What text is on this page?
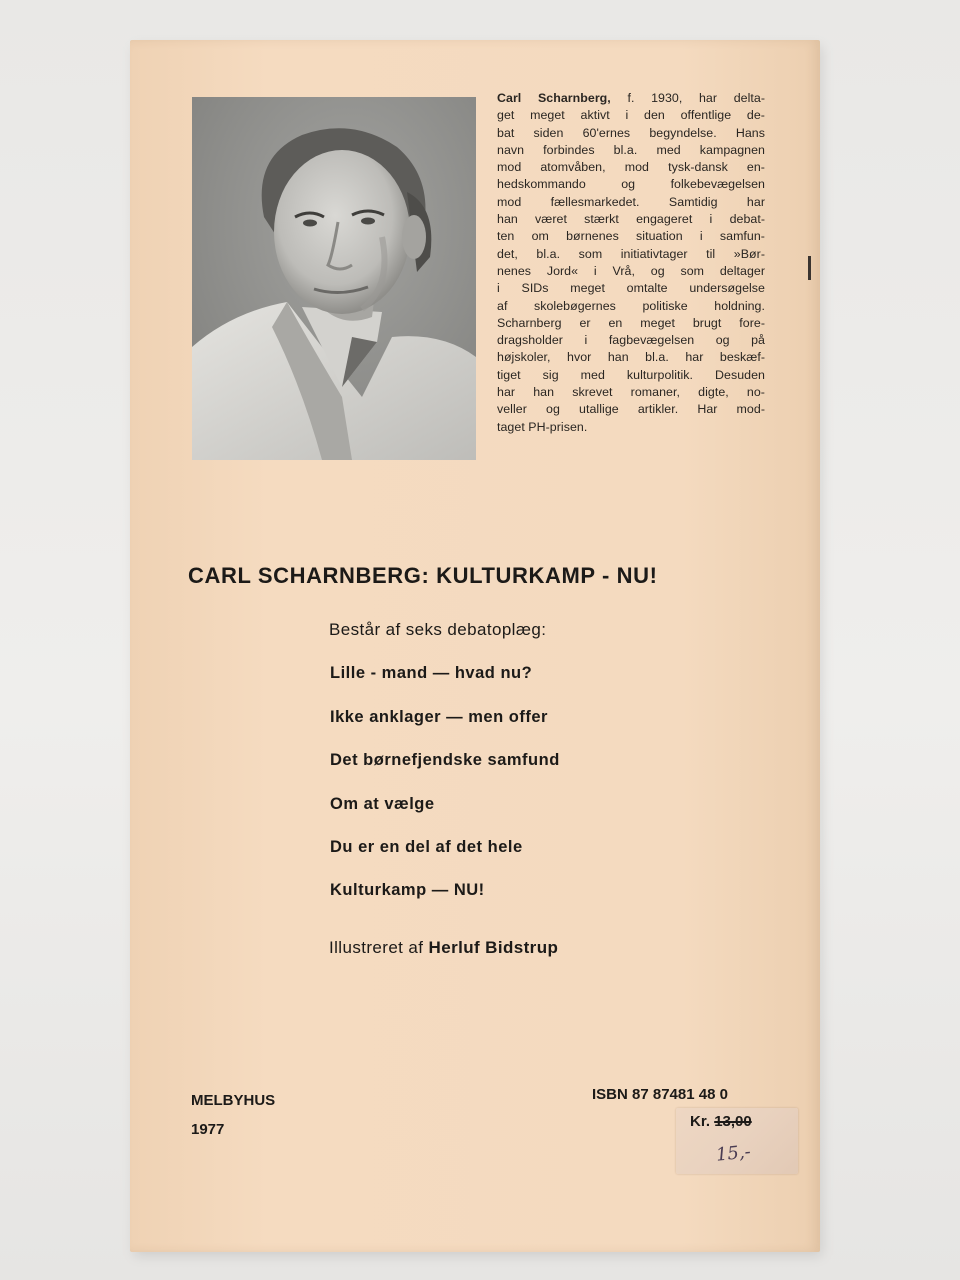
Carl Scharnberg, f. 1930, har delta-
get meget aktivt i den offentlige de-
bat siden 60'ernes begyndelse. Hans
navn forbindes bl.a. med kampagnen
mod atomvåben, mod tysk-dansk en-
hedskommando og folkebevægelsen
mod fællesmarkedet. Samtidig har
han været stærkt engageret i debat-
ten om børnenes situation i samfun-
det, bl.a. som initiativtager til »Bør-
nenes Jord« i Vrå, og som deltager
i SIDs meget omtalte undersøgelse
af skolebøgernes politiske holdning.
Scharnberg er en meget brugt fore-
dragsholder i fagbevægelsen og på
højskoler, hvor han bl.a. har beskæf-
tiget sig med kulturpolitik. Desuden
har han skrevet romaner, digte, no-
veller og utallige artikler. Har mod-
taget PH-prisen.
CARL SCHARNBERG: KULTURKAMP - NU!
Består af seks debatoplæg:
Lille - mand — hvad nu?
Ikke anklager — men offer
Det børnefjendske samfund
Om at vælge
Du er en del af det hele
Kulturkamp — NU!
Illustreret af Herluf Bidstrup
MELBYHUS
1977
ISBN 87 87481 48 0
Kr. 13,00
15,-
